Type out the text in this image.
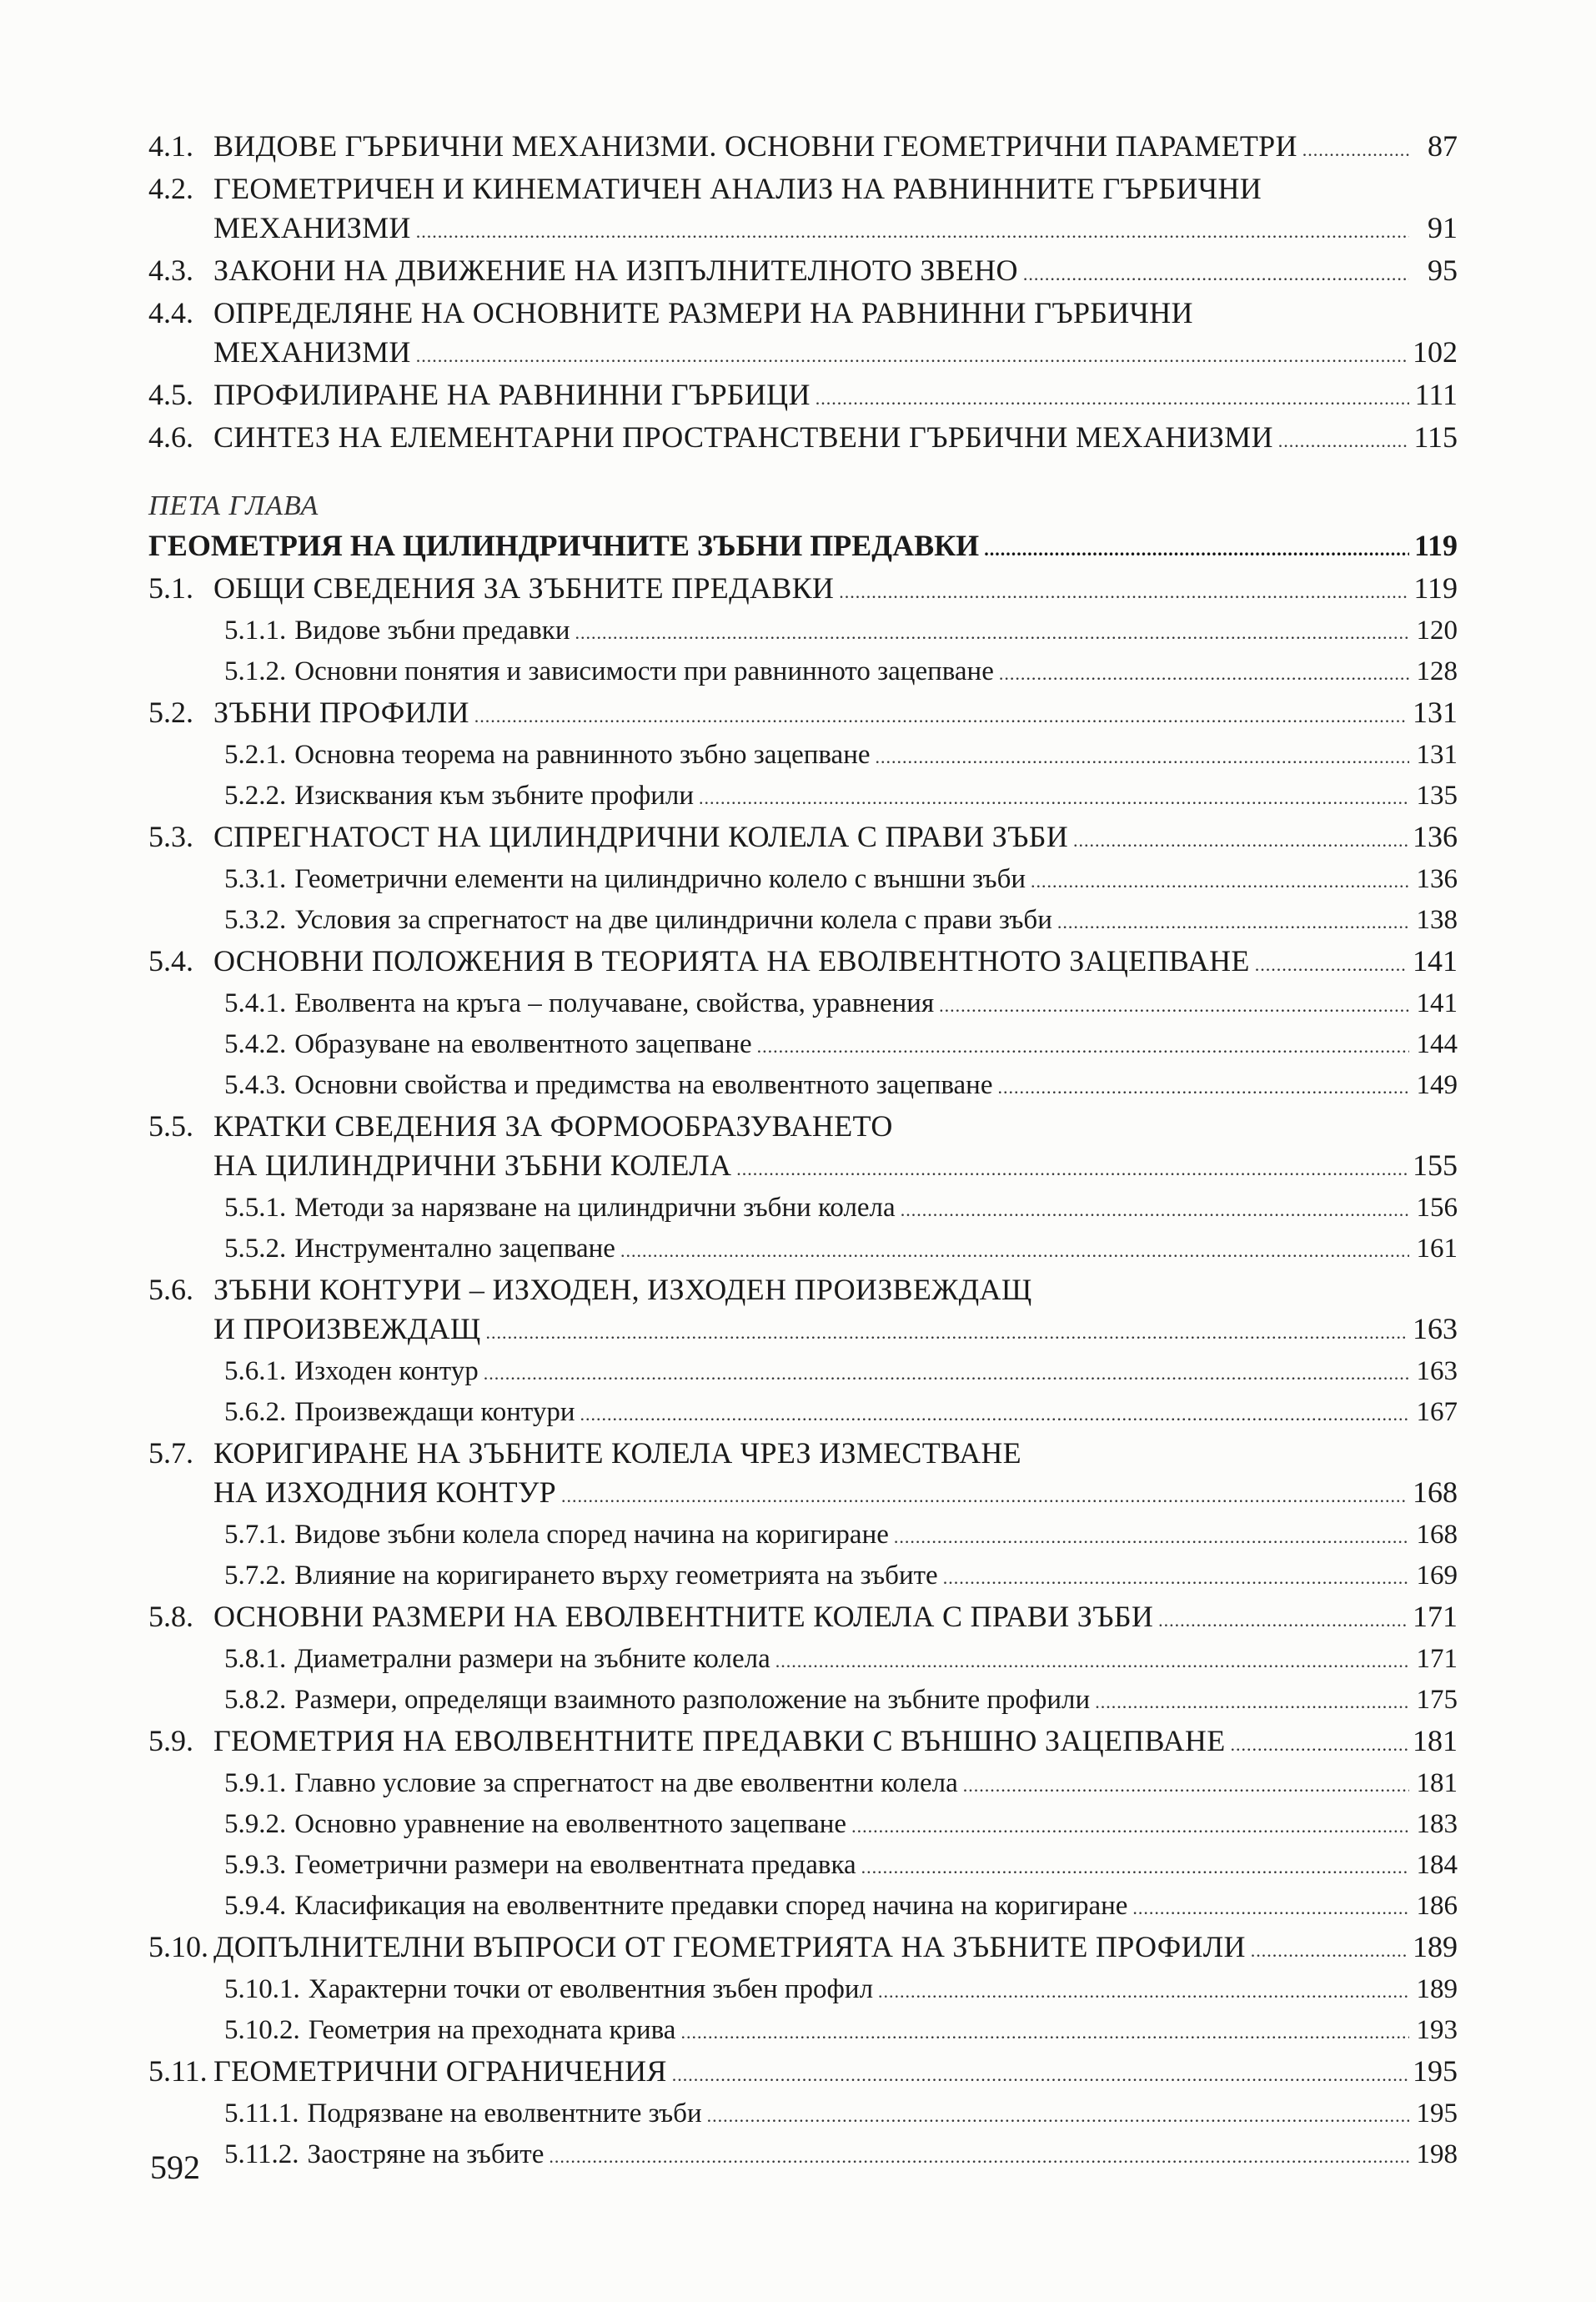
4.1. ВИДОВЕ ГЪРБИЧНИ МЕХАНИЗМИ. ОСНОВНИ ГЕОМЕТРИЧНИ ПАРАМЕТРИ .....	87
4.2. ГЕОМЕТРИЧЕН И КИНЕМАТИЧЕН АНАЛИЗ НА РАВНИННИТЕ ГЪРБИЧНИ
МЕХАНИЗМИ .....	91
4.3. ЗАКОНИ НА ДВИЖЕНИЕ НА ИЗПЪЛНИТЕЛНОТО ЗВЕНО .....	95
4.4. ОПРЕДЕЛЯНЕ НА ОСНОВНИТЕ РАЗМЕРИ НА РАВНИННИ ГЪРБИЧНИ
МЕХАНИЗМИ .....	102
4.5. ПРОФИЛИРАНЕ НА РАВНИННИ ГЪРБИЦИ .....	111
4.6. СИНТЕЗ НА ЕЛЕМЕНТАРНИ ПРОСТРАНСТВЕНИ ГЪРБИЧНИ МЕХАНИЗМИ .....	115
ПЕТА ГЛАВА
ГЕОМЕТРИЯ НА ЦИЛИНДРИЧНИТЕ ЗЪБНИ ПРЕДАВКИ .....	119
5.1. ОБЩИ СВЕДЕНИЯ ЗА ЗЪБНИТЕ ПРЕДАВКИ .....	119
5.1.1. Видове зъбни предавки .....	120
5.1.2. Основни понятия и зависимости при равнинното зацепване .....	128
5.2. ЗЪБНИ ПРОФИЛИ .....	131
5.2.1. Основна теорема на равнинното зъбно зацепване .....	131
5.2.2. Изисквания към зъбните профили .....	135
5.3. СПРЕГНАТОСТ НА ЦИЛИНДРИЧНИ КОЛЕЛА С ПРАВИ ЗЪБИ .....	136
5.3.1. Геометрични елементи на цилиндрично колело с външни зъби .....	136
5.3.2. Условия за спрегнатост на две цилиндрични колела с прави зъби .....	138
5.4. ОСНОВНИ ПОЛОЖЕНИЯ В ТЕОРИЯТА НА ЕВОЛВЕНТНОТО ЗАЦЕПВАНЕ .....	141
5.4.1. Еволвента на кръга – получаване, свойства, уравнения .....	141
5.4.2. Образуване на еволвентното зацепване .....	144
5.4.3. Основни свойства и предимства на еволвентното зацепване .....	149
5.5. КРАТКИ СВЕДЕНИЯ ЗА ФОРМООБРАЗУВАНЕТО
НА ЦИЛИНДРИЧНИ ЗЪБНИ КОЛЕЛА .....	155
5.5.1. Методи за нарязване на цилиндрични зъбни колела .....	156
5.5.2. Инструментално зацепване .....	161
5.6. ЗЪБНИ КОНТУРИ – ИЗХОДЕН, ИЗХОДЕН ПРОИЗВЕЖДАЩ
И ПРОИЗВЕЖДАЩ .....	163
5.6.1. Изходен контур .....	163
5.6.2. Произвеждащи контури .....	167
5.7. КОРИГИРАНЕ НА ЗЪБНИТЕ КОЛЕЛА ЧРЕЗ ИЗМЕСТВАНЕ
НА ИЗХОДНИЯ КОНТУР .....	168
5.7.1. Видове зъбни колела според начина на коригиране .....	168
5.7.2. Влияние на коригирането върху геометрията на зъбите .....	169
5.8. ОСНОВНИ РАЗМЕРИ НА ЕВОЛВЕНТНИТЕ КОЛЕЛА С ПРАВИ ЗЪБИ .....	171
5.8.1. Диаметрални размери на зъбните колела .....	171
5.8.2. Размери, определящи взаимното разположение на зъбните профили .....	175
5.9. ГЕОМЕТРИЯ НА ЕВОЛВЕНТНИТЕ ПРЕДАВКИ С ВЪНШНО ЗАЦЕПВАНЕ .....	181
5.9.1. Главно условие за спрегнатост на две еволвентни колела .....	181
5.9.2. Основно уравнение на еволвентното зацепване .....	183
5.9.3. Геометрични размери на еволвентната предавка .....	184
5.9.4. Класификация на еволвентните предавки според начина на коригиране .....	186
5.10. ДОПЪЛНИТЕЛНИ ВЪПРОСИ ОТ ГЕОМЕТРИЯТА НА ЗЪБНИТЕ ПРОФИЛИ .....	189
5.10.1. Характерни точки от еволвентния зъбен профил .....	189
5.10.2. Геометрия на преходната крива .....	193
5.11. ГЕОМЕТРИЧНИ ОГРАНИЧЕНИЯ .....	195
5.11.1. Подрязване на еволвентните зъби .....	195
5.11.2. Заостряне на зъбите .....	198
592
